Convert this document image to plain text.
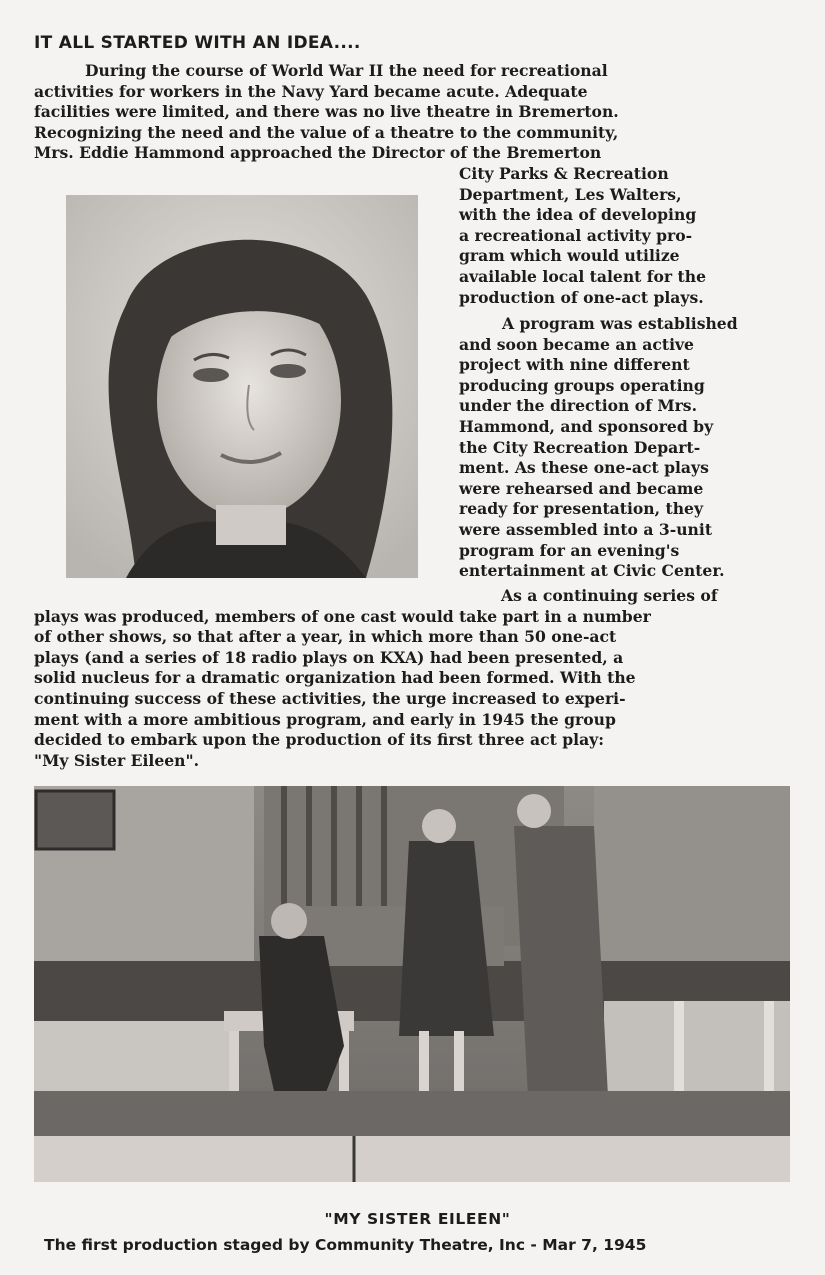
IT ALL STARTED WITH AN IDEA....

During the course of World War II the need for recreational
activities for workers in the Navy Yard became acute. Adequate
facilities were limited, and there was no live theatre in Bremerton.
Recognizing the need and the value of a theatre to the community,
Mrs. Eddie Hammond approached the Director of the Bremerton

City Parks & Recreation
Department, Les Walters,
with the idea of developing
a recreational activity pro-
gram which would utilize
available local talent for the
production of one-act plays.

A program was established
and soon became an active
project with nine different
producing groups operating
under the direction of Mrs.
Hammond, and sponsored by
the City Recreation Depart-
ment. As these one-act plays
were rehearsed and became
ready for presentation, they
were assembled into a 3-unit
program for an evening's
entertainment at Civic Center.

As a continuing series of
plays was produced, members of one cast would take part in a number
of other shows, so that after a year, in which more than 50 one-act
plays (and a series of 18 radio plays on KXA) had been presented, a
solid nucleus for a dramatic organization had been formed. With the
continuing success of these activities, the urge increased to experi-
ment with a more ambitious program, and early in 1945 the group
decided to embark upon the production of its first three act play:
"My Sister Eileen".

"MY SISTER EILEEN"
The first production staged by Community Theatre, Inc - Mar 7, 1945
